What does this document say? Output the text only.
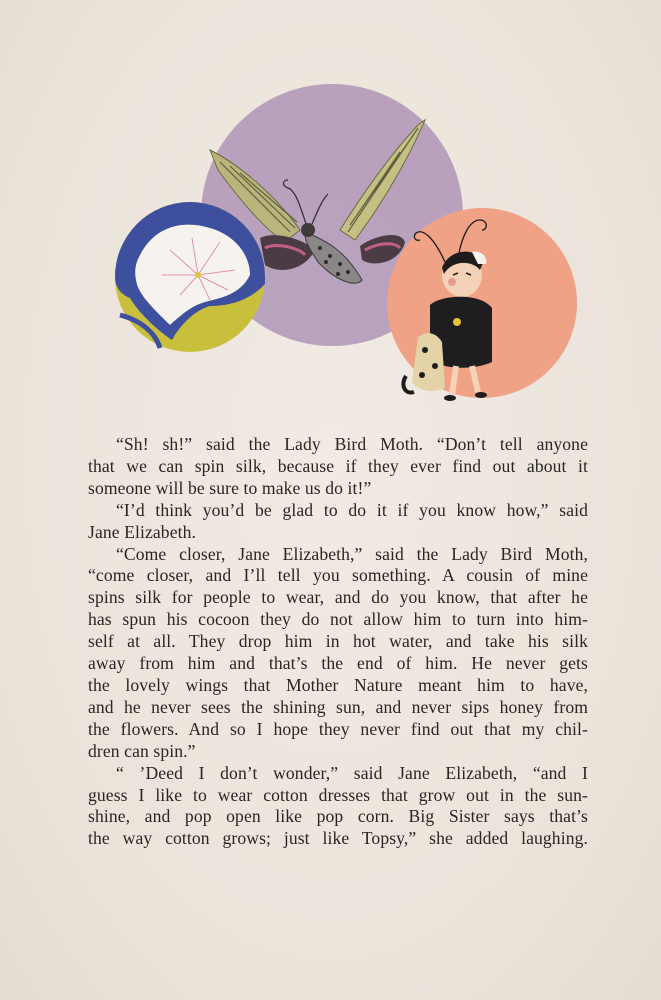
“Sh! sh!” said the Lady Bird Moth. “Don’t tell anyone
that we can spin silk, because if they ever find out about it
someone will be sure to make us do it!”

“I’d think you’d be glad to do it if you know how,” said
Jane Elizabeth.

“Come closer, Jane Elizabeth,” said the Lady Bird Moth,
“come closer, and I’ll tell you something. A cousin of mine
spins silk for people to wear, and do you know, that after he
has spun his cocoon they do not allow him to turn into him-
self at all. They drop him in hot water, and take his silk
away from him and that’s the end of him. He never gets
the lovely wings that Mother Nature meant him to have,
and he never sees the shining sun, and never sips honey from
the flowers. And so I hope they never find out that my chil-
dren can spin.”

“ ’Deed I don’t wonder,” said Jane Elizabeth, “and I
guess I like to wear cotton dresses that grow out in the sun-
shine, and pop open like pop corn. Big Sister says that’s
the way cotton grows; just like Topsy,” she added laughing.
